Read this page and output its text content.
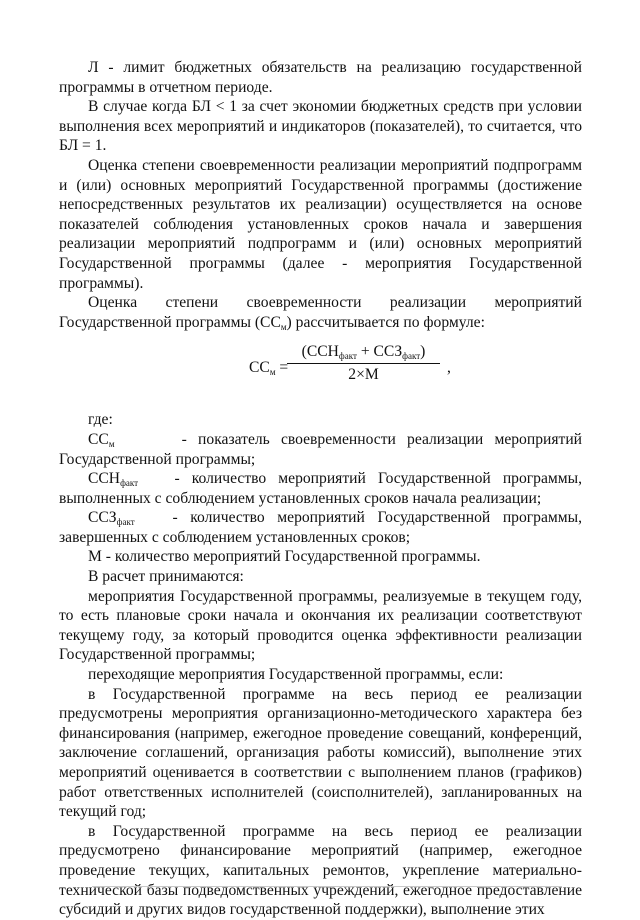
Л - лимит бюджетных обязательств на реализацию государственной программы в отчетном периоде.

В случае когда БЛ < 1 за счет экономии бюджетных средств при условии выполнения всех мероприятий и индикаторов (показателей), то считается, что БЛ = 1.

Оценка степени своевременности реализации мероприятий подпрограмм и (или) основных мероприятий Государственной программы (достижение непосредственных результатов их реализации) осуществляется на основе показателей соблюдения установленных сроков начала и завершения реализации мероприятий подпрограмм и (или) основных мероприятий Государственной программы (далее - мероприятия Государственной программы).

Оценка степени своевременности реализации мероприятий Государственной программы $(СС_м)$ рассчитывается по формуле:

$СС_м$ =
$(ССН_{факт} + ССЗ_{факт})$
2×М	,

где:

$СС_м$	- показатель своевременности реализации мероприятий Государственной программы;

$ССН_{факт}$ - количество мероприятий Государственной программы, выполненных с соблюдением установленных сроков начала реализации;

$ССЗ_{факт}$ - количество мероприятий Государственной программы, завершенных с соблюдением установленных сроков;

М - количество мероприятий Государственной программы.

В расчет принимаются:

мероприятия Государственной программы, реализуемые в текущем году, то есть плановые сроки начала и окончания их реализации соответствуют текущему году, за который проводится оценка эффективности реализации Государственной программы;

переходящие мероприятия Государственной программы, если:

в Государственной программе на весь период ее реализации предусмотрены мероприятия организационно-методического характера без финансирования (например, ежегодное проведение совещаний, конференций, заключение соглашений, организация работы комиссий), выполнение этих мероприятий оценивается в соответствии с выполнением планов (графиков) работ ответственных исполнителей (соисполнителей), запланированных на текущий год;

в Государственной программе на весь период ее реализации предусмотрено финансирование мероприятий (например, ежегодное проведение текущих, капитальных ремонтов, укрепление материально-технической базы подведомственных учреждений, ежегодное предоставление субсидий и других видов государственной поддержки), выполнение этих
